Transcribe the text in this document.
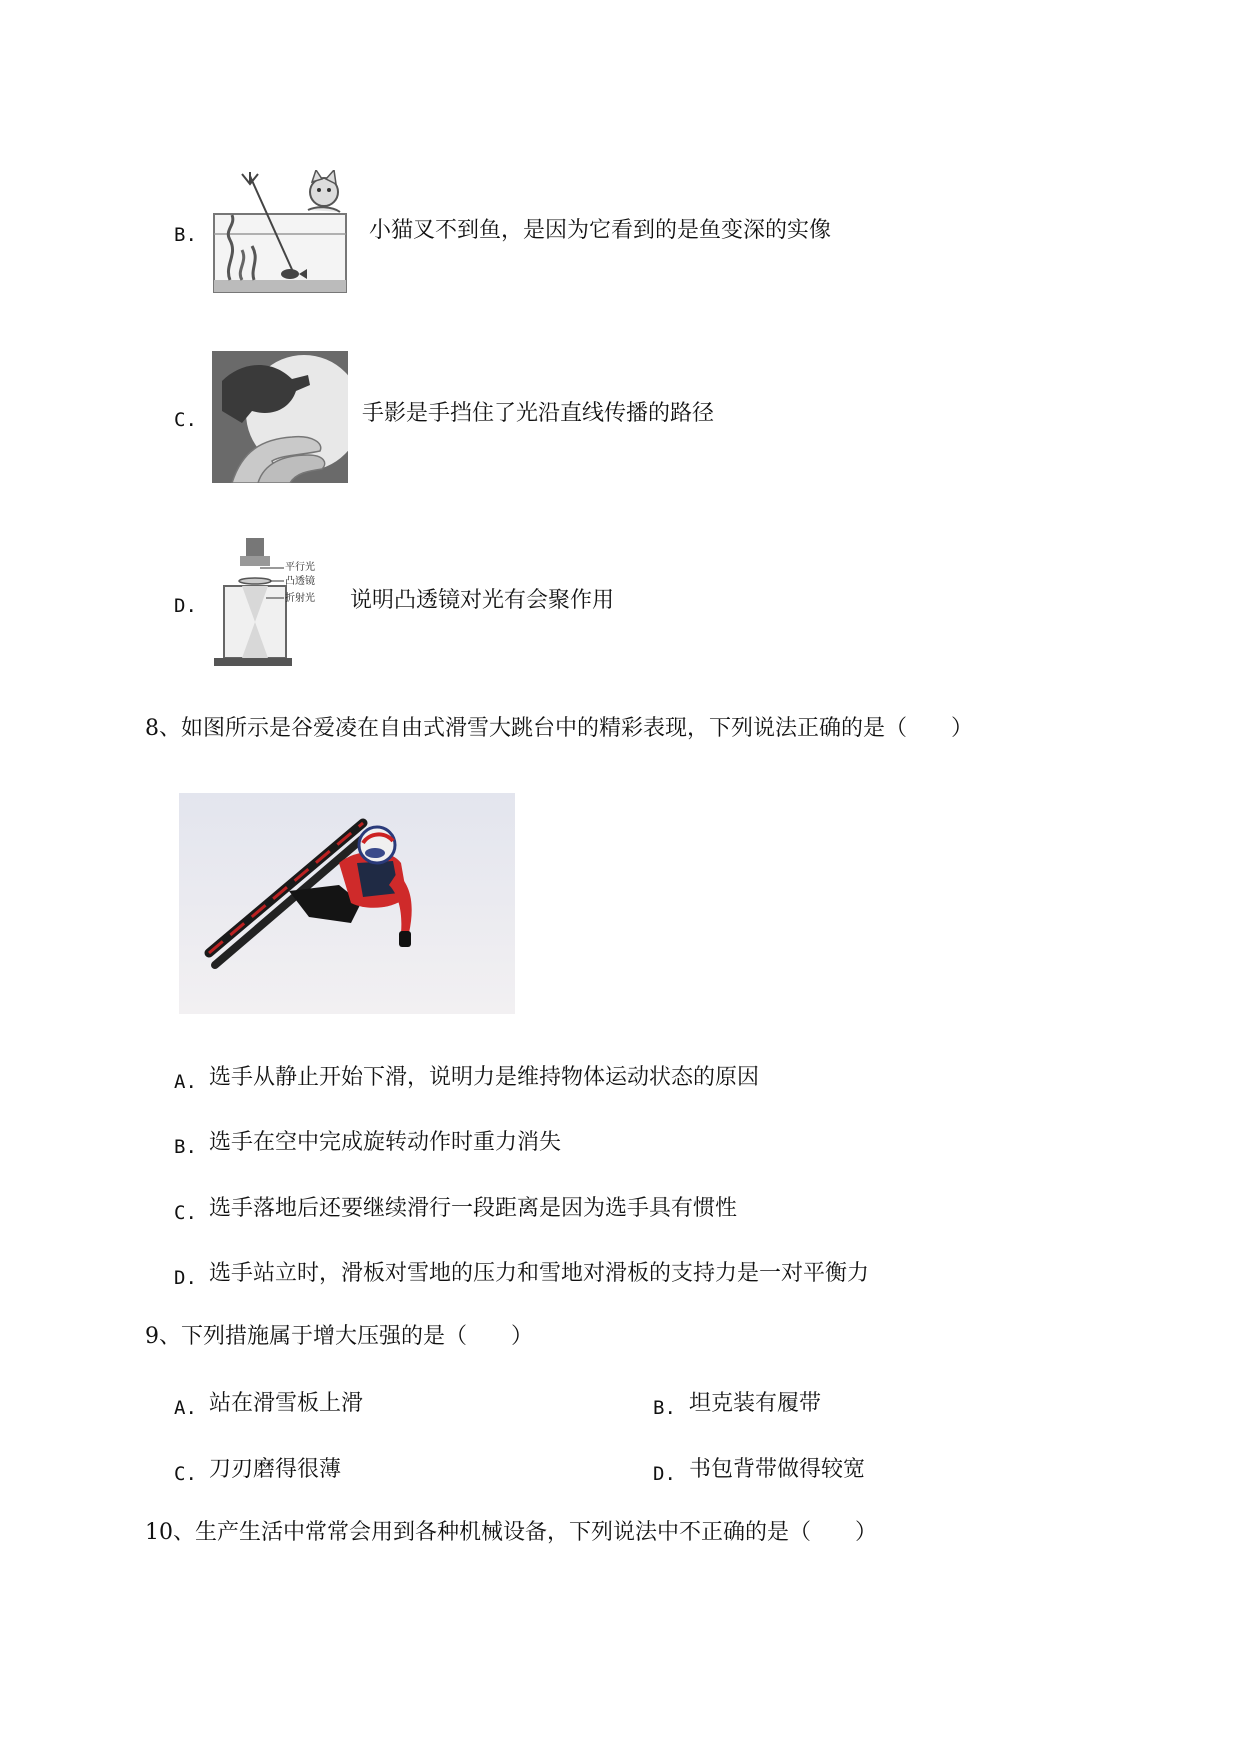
B.	小猫叉不到鱼，是因为它看到的是鱼变深的实像
C.	手影是手挡住了光沿直线传播的路径
D.
平行光
凸透镜
折射光 说明凸透镜对光有会聚作用
8、如图所示是谷爱凌在自由式滑雪大跳台中的精彩表现，下列说法正确的是（　　）
A. 选手从静止开始下滑，说明力是维持物体运动状态的原因
B. 选手在空中完成旋转动作时重力消失
C. 选手落地后还要继续滑行一段距离是因为选手具有惯性
D. 选手站立时，滑板对雪地的压力和雪地对滑板的支持力是一对平衡力
9、下列措施属于增大压强的是（　　）
A. 站在滑雪板上滑	B. 坦克装有履带
C. 刀刃磨得很薄	D. 书包背带做得较宽
10、生产生活中常常会用到各种机械设备，下列说法中不正确的是（　　）
